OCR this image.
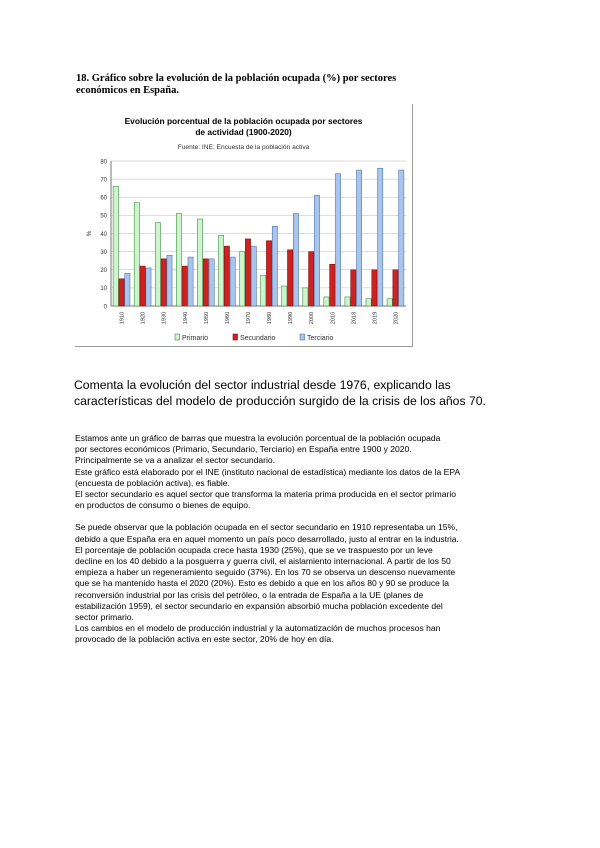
18. Gráfico sobre la evolución de la población ocupada (%) por sectores económicos en España.

Evolución porcentual de la población ocupada por sectores
de actividad (1900-2020)
Fuente: INE. Encuesta de la población activa
0
10
20
30
40
50
60
70
80
%
1910	1920	1930	1940	1950	1960	1970	1980	1990	2000	2010	2018	2019	2020
Primario	Secundario	Terciario

Comenta la evolución del sector industrial desde 1976, explicando las características del modelo de producción surgido de la crisis de los años 70.

Estamos ante un gráfico de barras que muestra la evolución porcentual de la población ocupada

por sectores económicos (Primario, Secundario, Terciario) en España entre 1900 y 2020.

Principalmente se va a analizar el sector secundario.

Este gráfico está elaborado por el INE (instituto nacional de estadística) mediante los datos de la EPA

(encuesta de población activa), es fiable.

El sector secundario es aquel sector que transforma la materia prima producida en el sector primario

en productos de consumo o bienes de equipo.

Se puede observar que la población ocupada en el sector secundario en 1910 representaba un 15%,

debido a que España era en aquel momento un país poco desarrollado, justo al entrar en la industria.

El porcentaje de población ocupada crece hasta 1930 (25%), que se ve traspuesto por un leve

decline en los 40 debido a la posguerra y guerra civil, el aislamiento internacional. A partir de los 50

empieza a haber un regeneramiento seguido (37%). En los 70 se observa un descenso nuevamente

que se ha mantenido hasta el 2020 (20%). Esto es debido a que en los años 80 y 90 se produce la

reconversión industrial por las crisis del petróleo, o la entrada de España a la UE (planes de

estabilización 1959), el sector secundario en expansión absorbió mucha población excedente del

sector primario.

Los cambios en el modelo de producción industrial y la automatización de muchos procesos han

provocado de la población activa en este sector, 20% de hoy en día.
